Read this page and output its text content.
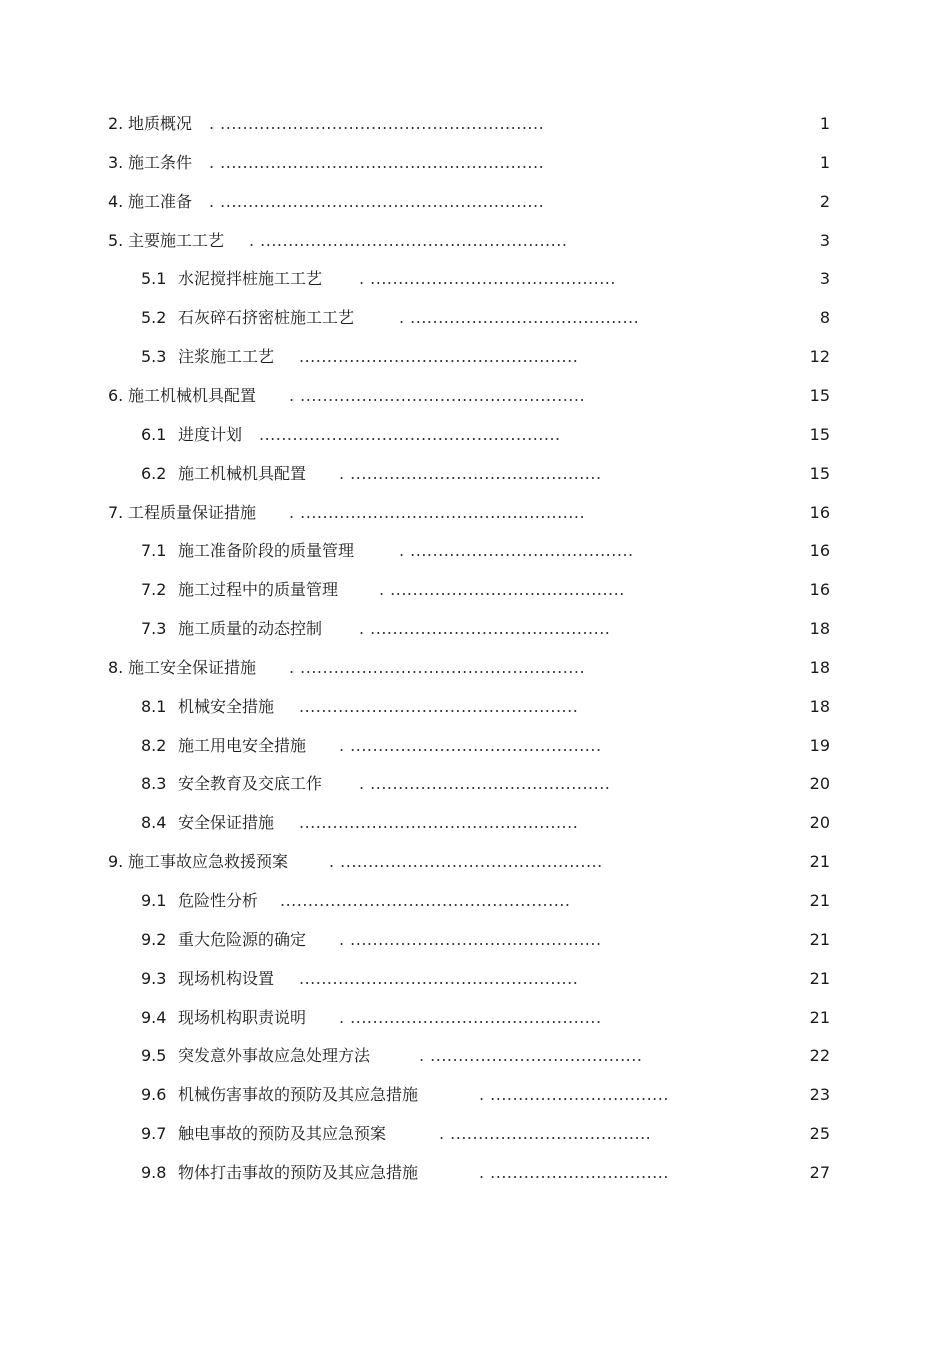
2. 地质概况 . ..........................................................	1
3. 施工条件 . ..........................................................	1
4. 施工准备 . ..........................................................	2
5. 主要施工工艺 . .......................................................	3
5.1 水泥搅拌桩施工工艺 . ............................................	3
5.2 石灰碎石挤密桩施工工艺	. .........................................	8
5.3 注浆施工工艺 ..................................................	12
6. 施工机械机具配置 . ...................................................	15
6.1 进度计划 ......................................................	15
6.2 施工机械机具配置 . .............................................	15
7. 工程质量保证措施 . ...................................................	16
7.1 施工准备阶段的质量管理	. ........................................	16
7.2 施工过程中的质量管理	. ..........................................	16
7.3 施工质量的动态控制 . ...........................................	18
8. 施工安全保证措施 . ...................................................	18
8.1 机械安全措施 ..................................................	18
8.2 施工用电安全措施 . .............................................	19
8.3 安全教育及交底工作 . ...........................................	20
8.4 安全保证措施 ..................................................	20
9. 施工事故应急救援预案	. ...............................................	21
9.1 危险性分析 ....................................................	21
9.2 重大危险源的确定 . .............................................	21
9.3 现场机构设置 ..................................................	21
9.4 现场机构职责说明 . .............................................	21
9.5 突发意外事故应急处理方法	. ......................................	22
9.6 机械伤害事故的预防及其应急措施	. ................................	23
9.7 触电事故的预防及其应急预案	. ....................................	25
9.8 物体打击事故的预防及其应急措施	. ................................	27
